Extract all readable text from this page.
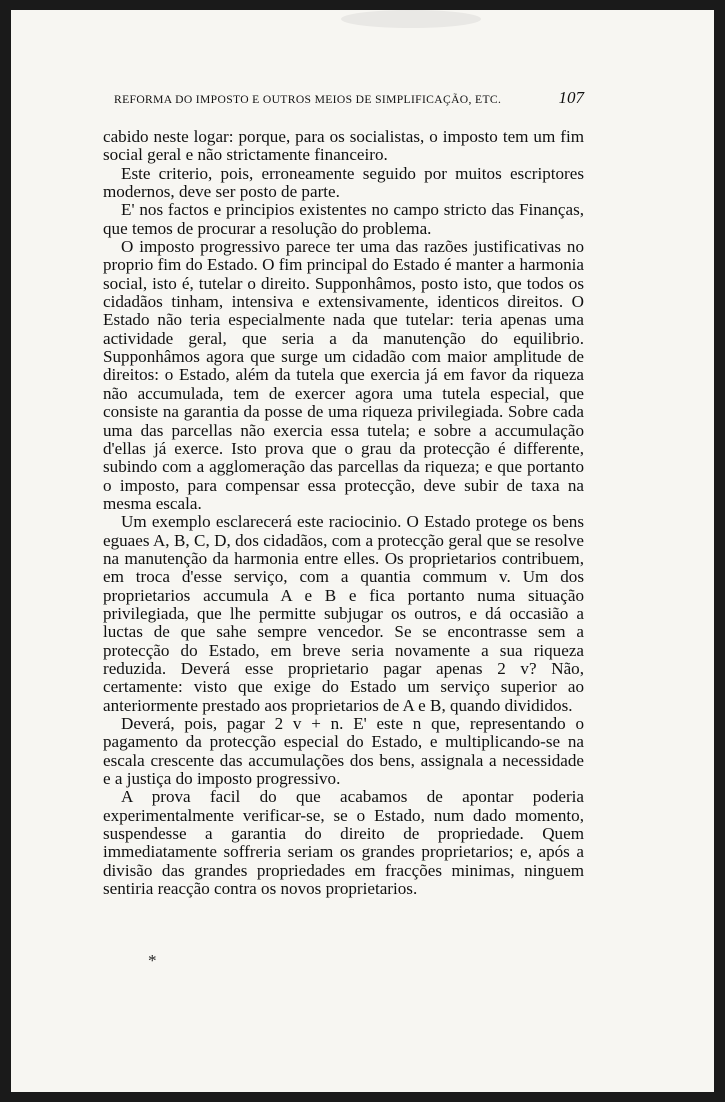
REFORMA DO IMPOSTO E OUTROS MEIOS DE SIMPLIFICAÇÃO, ETC.	107

cabido neste logar: porque, para os socialistas, o imposto tem um fim social geral e não strictamente financeiro.

Este criterio, pois, erroneamente seguido por muitos escriptores modernos, deve ser posto de parte.

E' nos factos e principios existentes no campo stricto das Finanças, que temos de procurar a resolução do problema.

O imposto progressivo parece ter uma das razões justificativas no proprio fim do Estado. O fim principal do Estado é manter a harmonia social, isto é, tutelar o direito. Supponhâmos, posto isto, que todos os cidadãos tinham, intensiva e extensivamente, identicos direitos. O Estado não teria especialmente nada que tutelar: teria apenas uma actividade geral, que seria a da manutenção do equilibrio. Supponhâmos agora que surge um cidadão com maior amplitude de direitos: o Estado, além da tutela que exercia já em favor da riqueza não accumulada, tem de exercer agora uma tutela especial, que consiste na garantia da posse de uma riqueza privilegiada. Sobre cada uma das parcellas não exercia essa tutela; e sobre a accumulação d'ellas já exerce. Isto prova que o grau da protecção é differente, subindo com a agglomeração das parcellas da riqueza; e que portanto o imposto, para compensar essa protecção, deve subir de taxa na mesma escala.

Um exemplo esclarecerá este raciocinio. O Estado protege os bens eguaes A, B, C, D, dos cidadãos, com a protecção geral que se resolve na manutenção da harmonia entre elles. Os proprietarios contribuem, em troca d'esse serviço, com a quantia commum v. Um dos proprietarios accumula A e B e fica portanto numa situação privilegiada, que lhe permitte subjugar os outros, e dá occasião a luctas de que sahe sempre vencedor. Se se encontrasse sem a protecção do Estado, em breve seria novamente a sua riqueza reduzida. Deverá esse proprietario pagar apenas 2 v? Não, certamente: visto que exige do Estado um serviço superior ao anteriormente prestado aos proprietarios de A e B, quando divididos.

Deverá, pois, pagar 2 v + n. E' este n que, representando o pagamento da protecção especial do Estado, e multiplicando-se na escala crescente das accumulações dos bens, assignala a necessidade e a justiça do imposto progressivo.

A prova facil do que acabamos de apontar poderia experimentalmente verificar-se, se o Estado, num dado momento, suspendesse a garantia do direito de propriedade. Quem immediatamente soffreria seriam os grandes proprietarios; e, após a divisão das grandes propriedades em fracções minimas, ninguem sentiria reacção contra os novos proprietarios.

*
